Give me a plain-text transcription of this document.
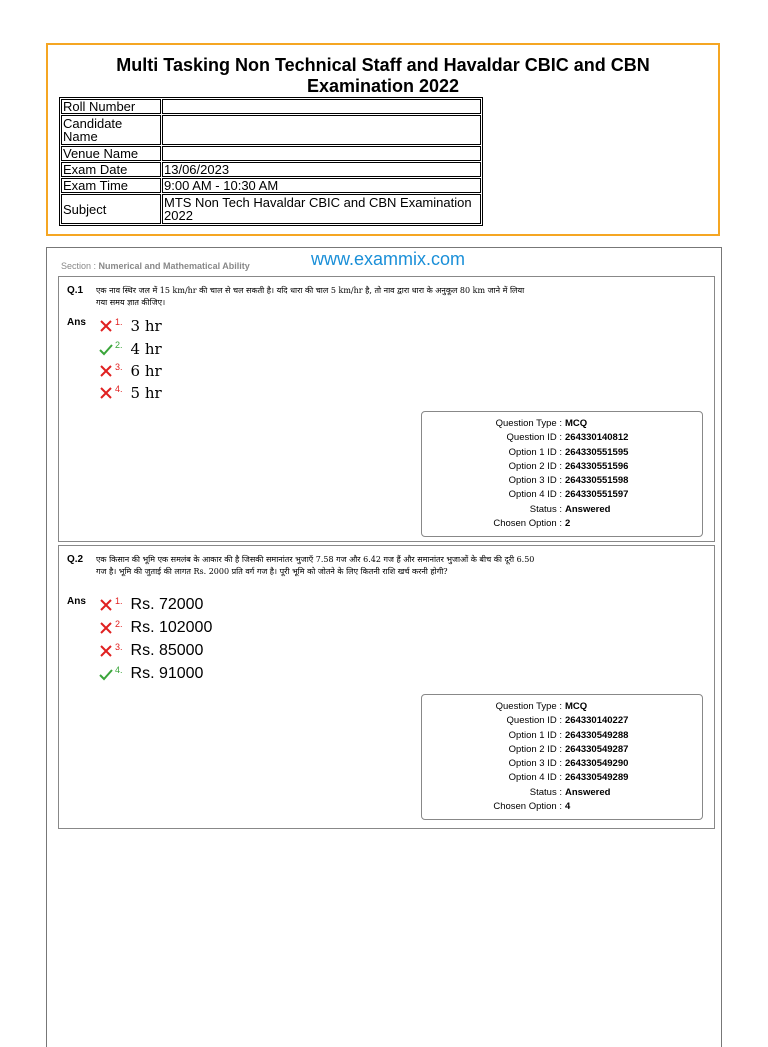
Multi Tasking Non Technical Staff and Havaldar CBIC and CBN Examination 2022
Roll Number	
Candidate Name	
Venue Name	
Exam Date	13/06/2023
Exam Time	9:00 AM - 10:30 AM
Subject	MTS Non Tech Havaldar CBIC and CBN Examination 2022
Section : Numerical and Mathematical Ability	www.exammix.com
Q.1 एक नाव स्थिर जल में 15 km/hr की चाल से चल सकती है। यदि धारा की चाल 5 km/hr है, तो नाव द्वारा धारा के अनुकूल 80 km जाने में लिया गया समय ज्ञात कीजिए।
Ans	1. 3 hr
2. 4 hr
3. 6 hr
4. 5 hr
Question Type : MCQ
Question ID : 264330140812
Option 1 ID : 264330551595
Option 2 ID : 264330551596
Option 3 ID : 264330551598
Option 4 ID : 264330551597
Status : Answered
Chosen Option : 2
Q.2 एक किसान की भूमि एक समलंब के आकार की है जिसकी समानांतर भुजाएँ 7.58 गज और 6.42 गज हैं और समानांतर भुजाओं के बीच की दूरी 6.50 गज है। भूमि की जुताई की लागत Rs. 2000 प्रति वर्ग गज है। पूरी भूमि को जोतने के लिए कितनी राशि खर्च करनी होगी?
Ans	1. Rs. 72000
2. Rs. 102000
3. Rs. 85000
4. Rs. 91000
Question Type : MCQ
Question ID : 264330140227
Option 1 ID : 264330549288
Option 2 ID : 264330549287
Option 3 ID : 264330549290
Option 4 ID : 264330549289
Status : Answered
Chosen Option : 4
